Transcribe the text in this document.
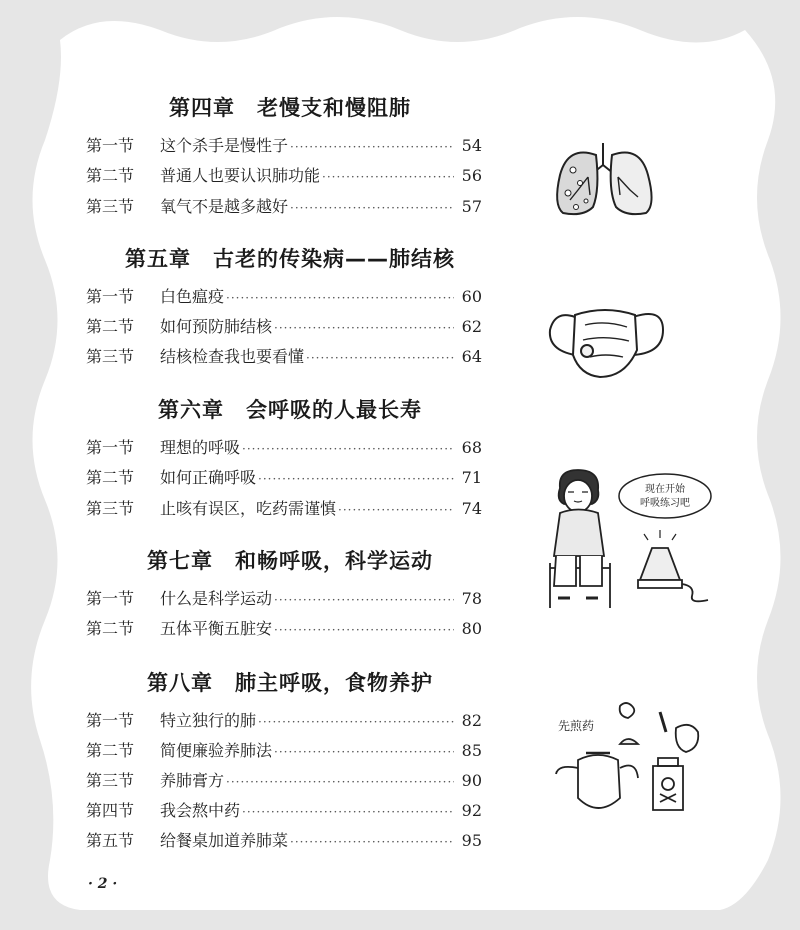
第四章 老慢支和慢阻肺
第一节	这个杀手是慢性子 ·····	54
第二节	普通人也要认识肺功能 ·····	56
第三节	氧气不是越多越好 ·····	57
第五章 古老的传染病——肺结核
第一节	白色瘟疫 ·····	60
第二节	如何预防肺结核 ·····	62
第三节	结核检查我也要看懂 ·····	64
第六章 会呼吸的人最长寿
第一节	理想的呼吸 ·····	68
第二节	如何正确呼吸 ·····	71
第三节	止咳有误区，吃药需谨慎 ·····	74
第七章 和畅呼吸，科学运动
第一节	什么是科学运动 ·····	78
第二节	五体平衡五脏安 ·····	80
第八章 肺主呼吸，食物养护
第一节	特立独行的肺 ·····	82
第二节	简便廉验养肺法 ·····	85
第三节	养肺膏方 ·····	90
第四节	我会熬中药 ·····	92
第五节	给餐桌加道养肺菜 ·····	95
现在开始
呼吸练习吧
先煎药
· 2 ·
